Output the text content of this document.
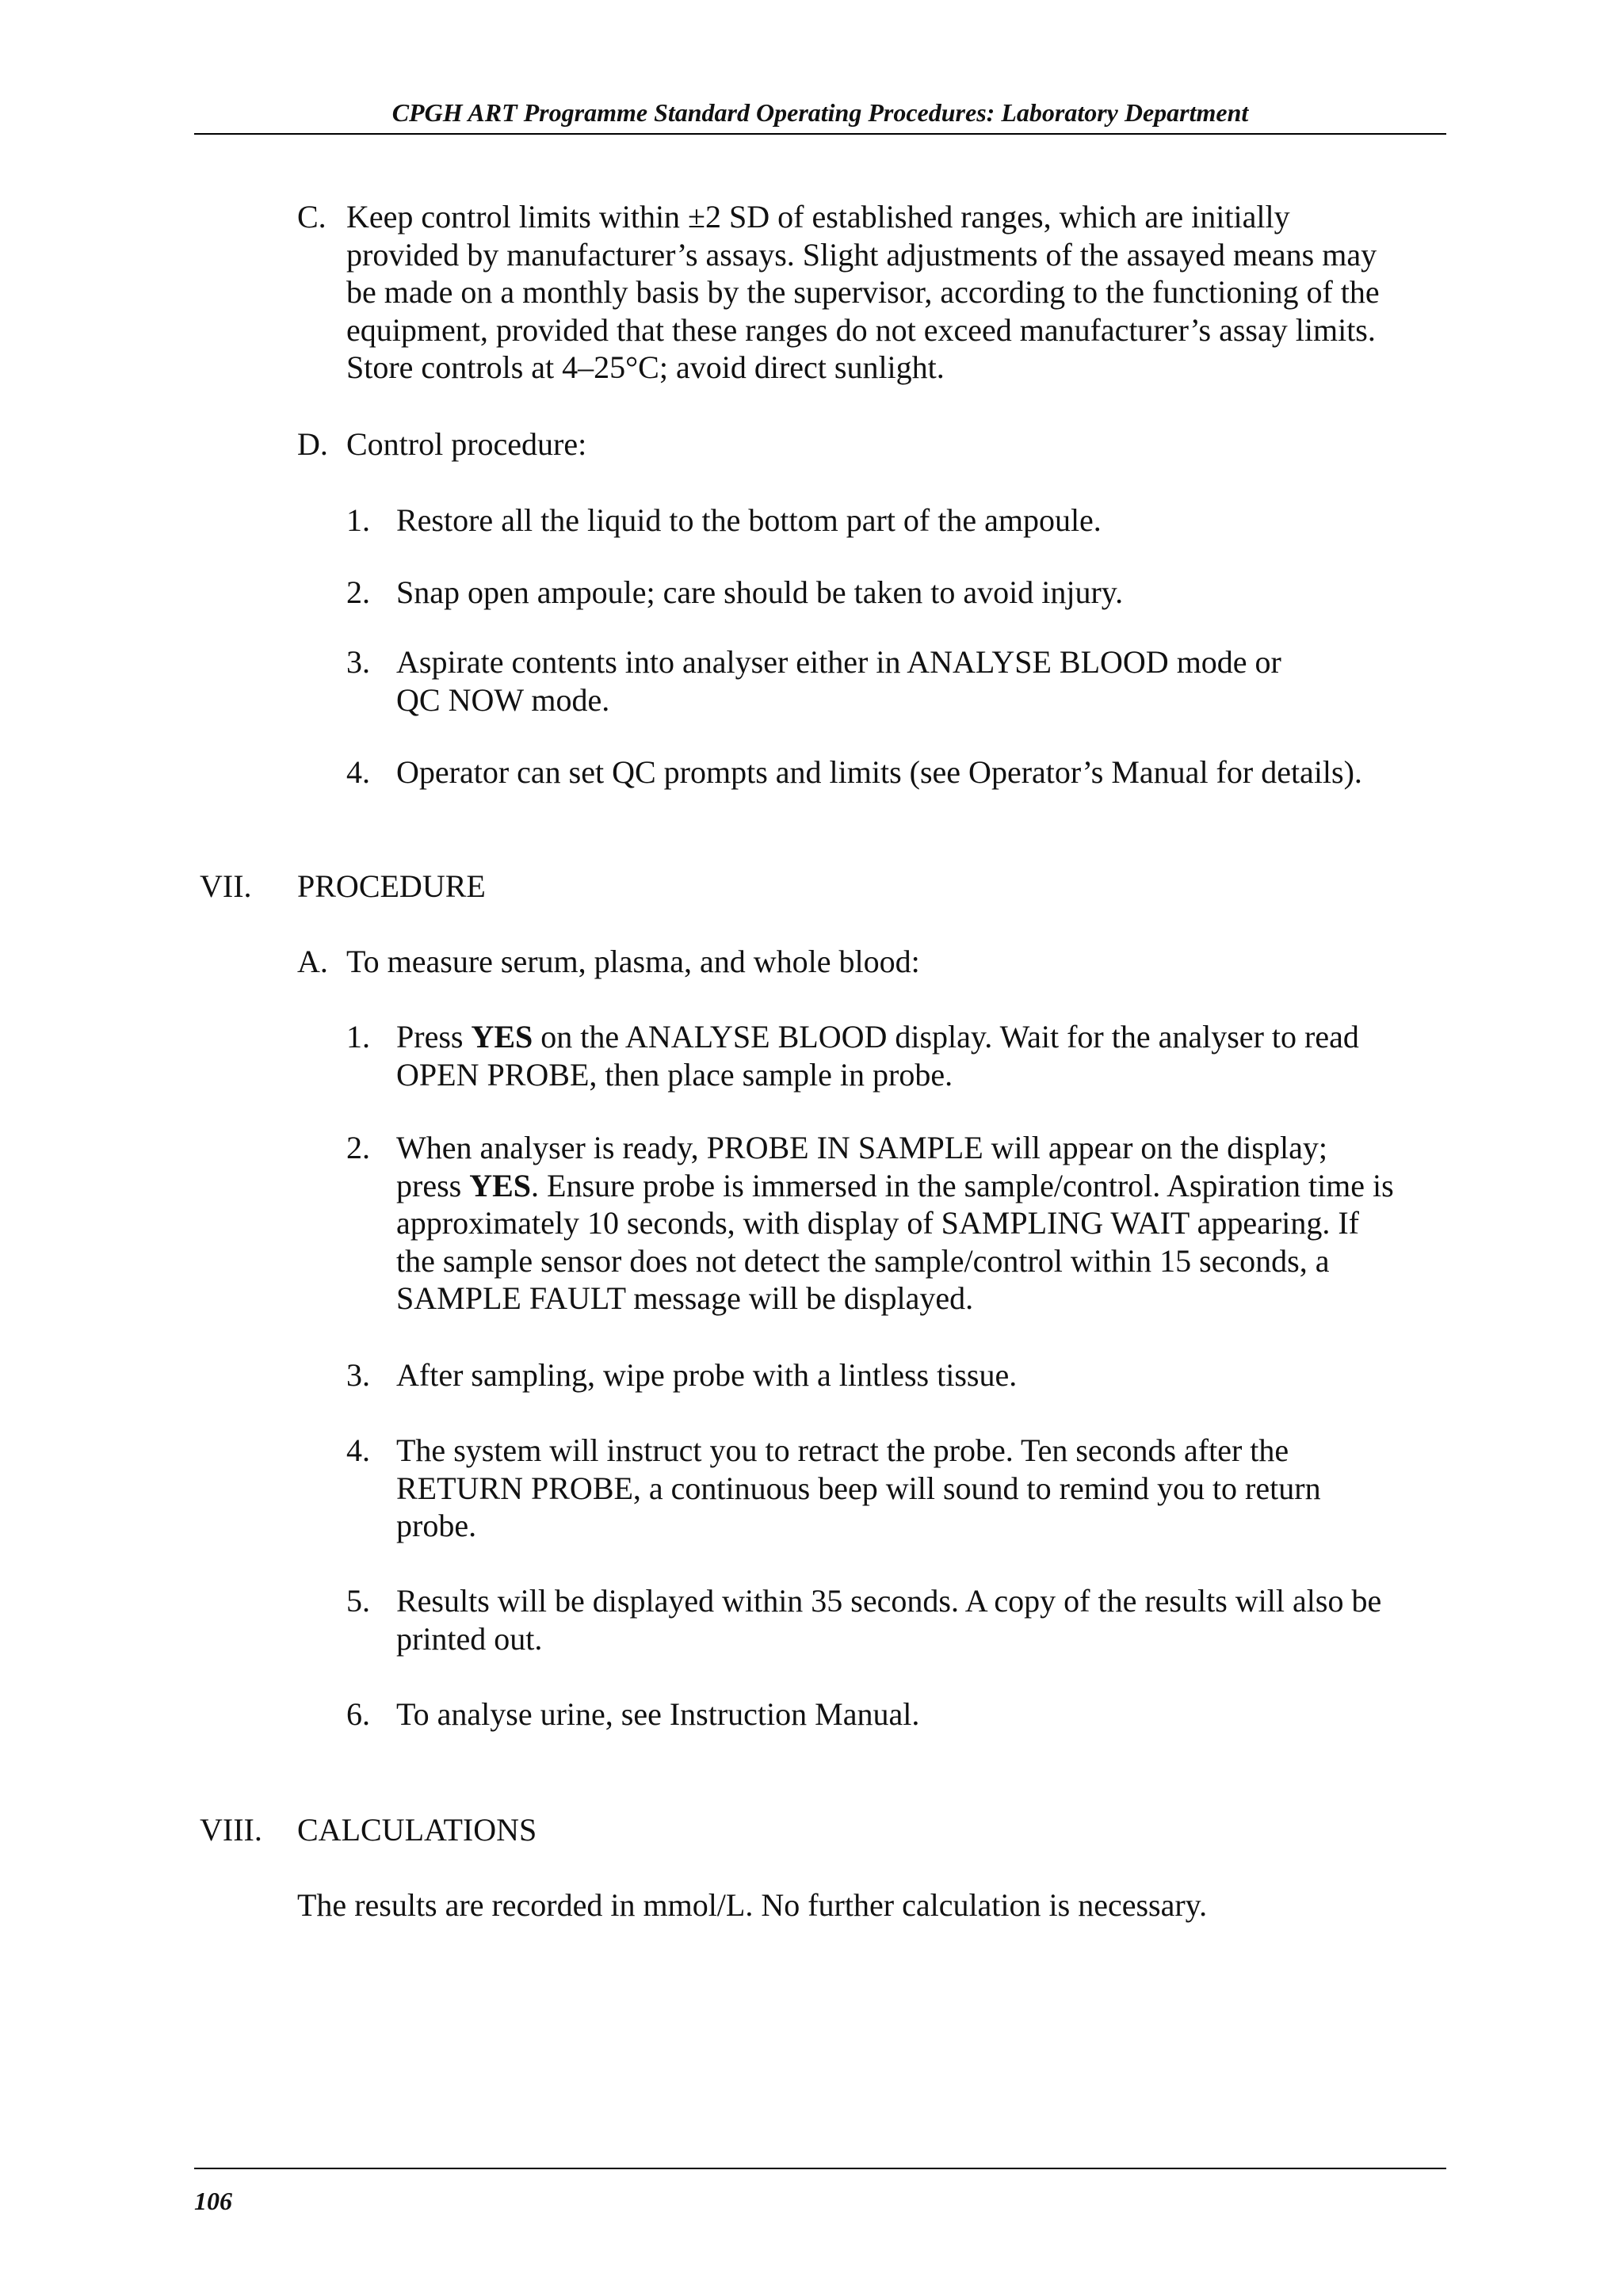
CPGH ART Programme Standard Operating Procedures: Laboratory Department
C. Keep control limits within ±2 SD of established ranges, which are initially
provided by manufacturer’s assays. Slight adjustments of the assayed means may
be made on a monthly basis by the supervisor, according to the functioning of the
equipment, provided that these ranges do not exceed manufacturer’s assay limits.
Store controls at 4–25°C; avoid direct sunlight.
D. Control procedure:
1. Restore all the liquid to the bottom part of the ampoule.
2. Snap open ampoule; care should be taken to avoid injury.
3. Aspirate contents into analyser either in ANALYSE BLOOD mode or
QC NOW mode.
4. Operator can set QC prompts and limits (see Operator’s Manual for details).
VII. PROCEDURE
A. To measure serum, plasma, and whole blood:
1. Press YES on the ANALYSE BLOOD display. Wait for the analyser to read
OPEN PROBE, then place sample in probe.
2. When analyser is ready, PROBE IN SAMPLE will appear on the display;
press YES. Ensure probe is immersed in the sample/control. Aspiration time is
approximately 10 seconds, with display of SAMPLING WAIT appearing. If
the sample sensor does not detect the sample/control within 15 seconds, a
SAMPLE FAULT message will be displayed.
3. After sampling, wipe probe with a lintless tissue.
4. The system will instruct you to retract the probe. Ten seconds after the
RETURN PROBE, a continuous beep will sound to remind you to return
probe.
5. Results will be displayed within 35 seconds. A copy of the results will also be
printed out.
6. To analyse urine, see Instruction Manual.
VIII. CALCULATIONS
The results are recorded in mmol/L. No further calculation is necessary.
106
